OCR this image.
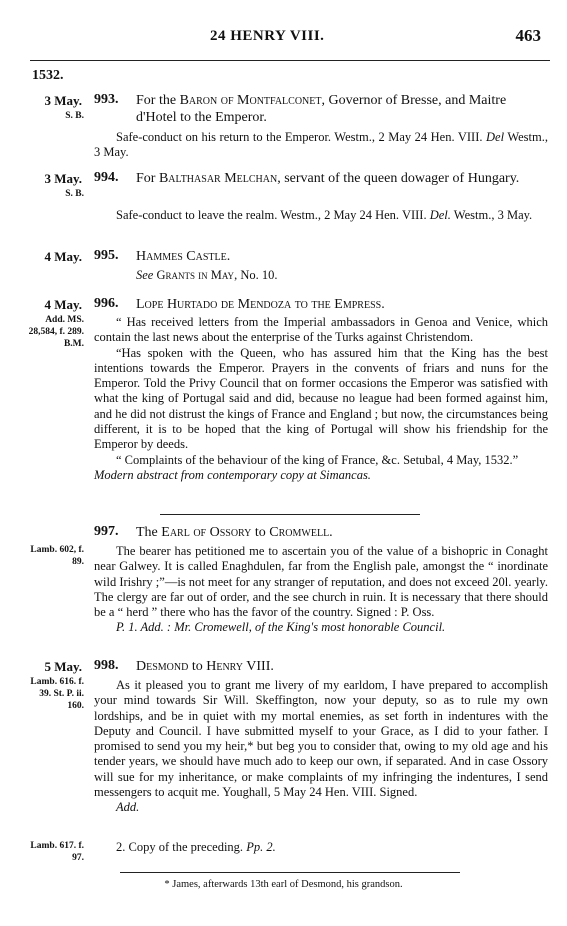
24 HENRY VIII.	463
1532.
3 May.
S. B.
993. For the Baron of Montfalconet, Governor of Bresse, and Maitre d'Hotel to the Emperor.

Safe-conduct on his return to the Emperor. Westm., 2 May 24 Hen. VIII. Del Westm., 3 May.

3 May.
S. B.
994. For Balthasar Melchan, servant of the queen dowager of Hungary.

Safe-conduct to leave the realm. Westm., 2 May 24 Hen. VIII. Del. Westm., 3 May.

4 May. 995. Hammes Castle.

See Grants in May, No. 10.

4 May.
Add. MS. 28,584, f. 289. B.M.
996. Lope Hurtado de Mendoza to the Empress.

“ Has received letters from the Imperial ambassadors in Genoa and Venice, which contain the last news about the enterprise of the Turks against Christendom.

“Has spoken with the Queen, who has assured him that the King has the best intentions towards the Emperor. Prayers in the convents of friars and nuns for the Emperor. Told the Privy Council that on former occasions the Emperor was satisfied with what the king of Portugal said and did, because no league had been formed against him, and he did not distrust the kings of France and England ; but now, the circumstances being different, it is to be hoped that the king of Portugal will show his friendship for the Emperor by deeds.

“ Complaints of the behaviour of the king of France, &c. Setubal, 4 May, 1532.”

Modern abstract from contemporary copy at Simancas.

Lamb. 602, f. 89.
997. The Earl of Ossory to Cromwell.

The bearer has petitioned me to ascertain you of the value of a bishopric in Conaght near Galwey. It is called Enaghdulen, far from the English pale, amongst the “ inordinate wild Irishry ;”—is not meet for any stranger of reputation, and does not exceed 20l. yearly. The clergy are far out of order, and the see church in ruin. It is necessary that there should be a “ herd ” there who has the favor of the country. Signed : P. Oss.

P. 1. Add. : Mr. Cromewell, of the King's most honorable Council.

5 May.
Lamb. 616. f. 39. St. P. ii. 160.
998. Desmond to Henry VIII.

As it pleased you to grant me livery of my earldom, I have prepared to accomplish your mind towards Sir Will. Skeffington, now your deputy, so as to rule my own lordships, and be in quiet with my mortal enemies, as set forth in indentures with the Deputy and Council. I have submitted myself to your Grace, as I did to your father. I promised to send you my heir,* but beg you to consider that, owing to my old age and his tender years, we should have much ado to keep our own, if separated. And in case Ossory will sue for my inheritance, or make complaints of my infringing the indentures, I send messengers to acquit me. Youghall, 5 May 24 Hen. VIII. Signed.

Add.

Lamb. 617. f. 97.

2. Copy of the preceding. Pp. 2.

* James, afterwards 13th earl of Desmond, his grandson.
